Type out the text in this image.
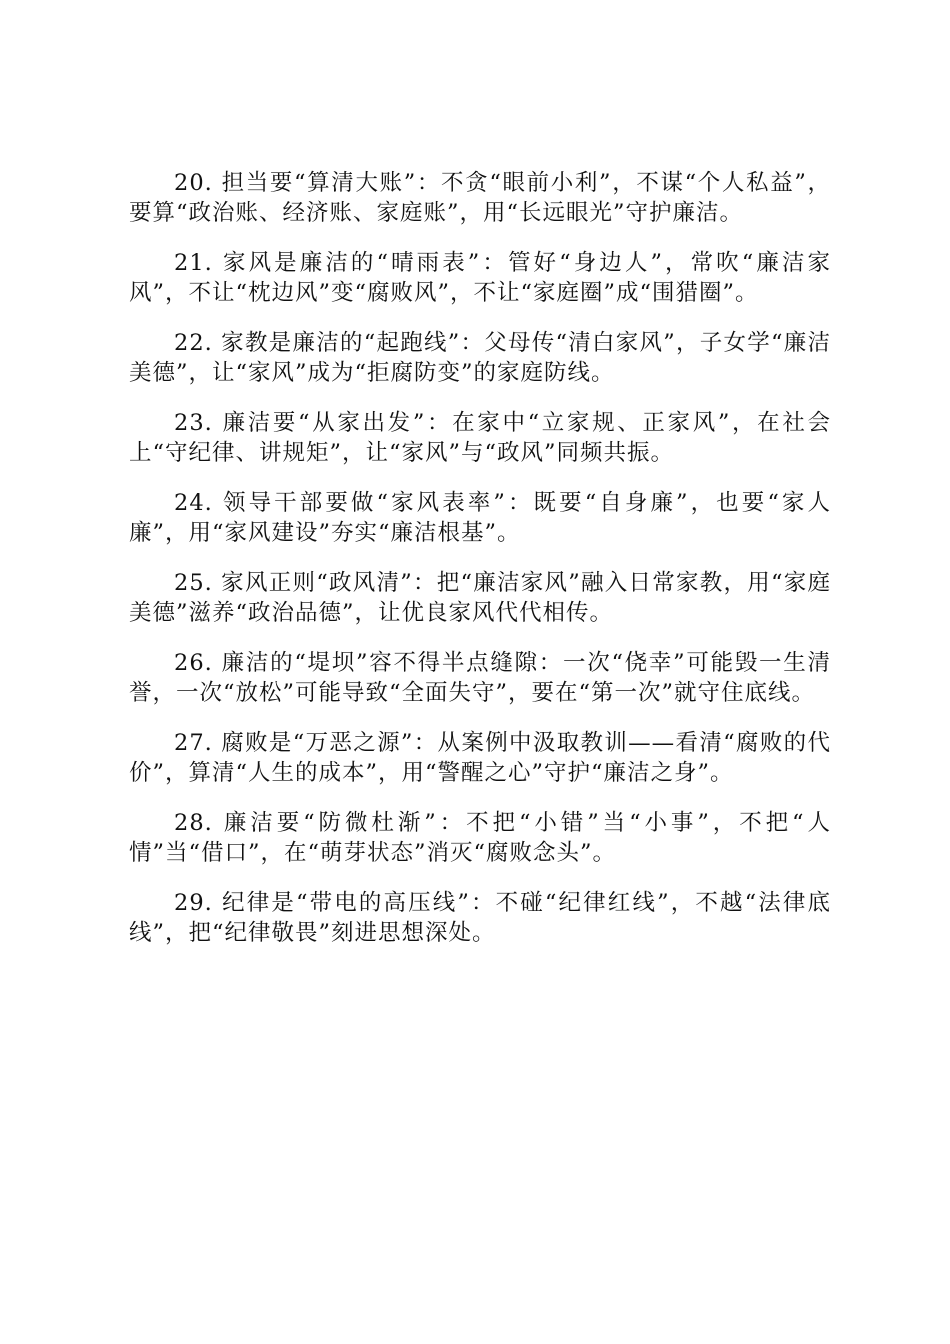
20. 担当要“算清大账”：不贪“眼前小利”，不谋“个人私益”，要算“政治账、经济账、家庭账”，用“长远眼光”守护廉洁。

21. 家风是廉洁的“晴雨表”：管好“身边人”，常吹“廉洁家风”，不让“枕边风”变“腐败风”，不让“家庭圈”成“围猎圈”。

22. 家教是廉洁的“起跑线”：父母传“清白家风”，子女学“廉洁美德”，让“家风”成为“拒腐防变”的家庭防线。

23. 廉洁要“从家出发”：在家中“立家规、正家风”，在社会上“守纪律、讲规矩”，让“家风”与“政风”同频共振。

24. 领导干部要做“家风表率”：既要“自身廉”，也要“家人廉”，用“家风建设”夯实“廉洁根基”。

25. 家风正则“政风清”：把“廉洁家风”融入日常家教，用“家庭美德”滋养“政治品德”，让优良家风代代相传。

26. 廉洁的“堤坝”容不得半点缝隙：一次“侥幸”可能毁一生清誉，一次“放松”可能导致“全面失守”，要在“第一次”就守住底线。

27. 腐败是“万恶之源”：从案例中汲取教训——看清“腐败的代价”，算清“人生的成本”，用“警醒之心”守护“廉洁之身”。

28. 廉洁要“防微杜渐”：不把“小错”当“小事”，不把“人情”当“借口”，在“萌芽状态”消灭“腐败念头”。

29. 纪律是“带电的高压线”：不碰“纪律红线”，不越“法律底线”，把“纪律敬畏”刻进思想深处。
